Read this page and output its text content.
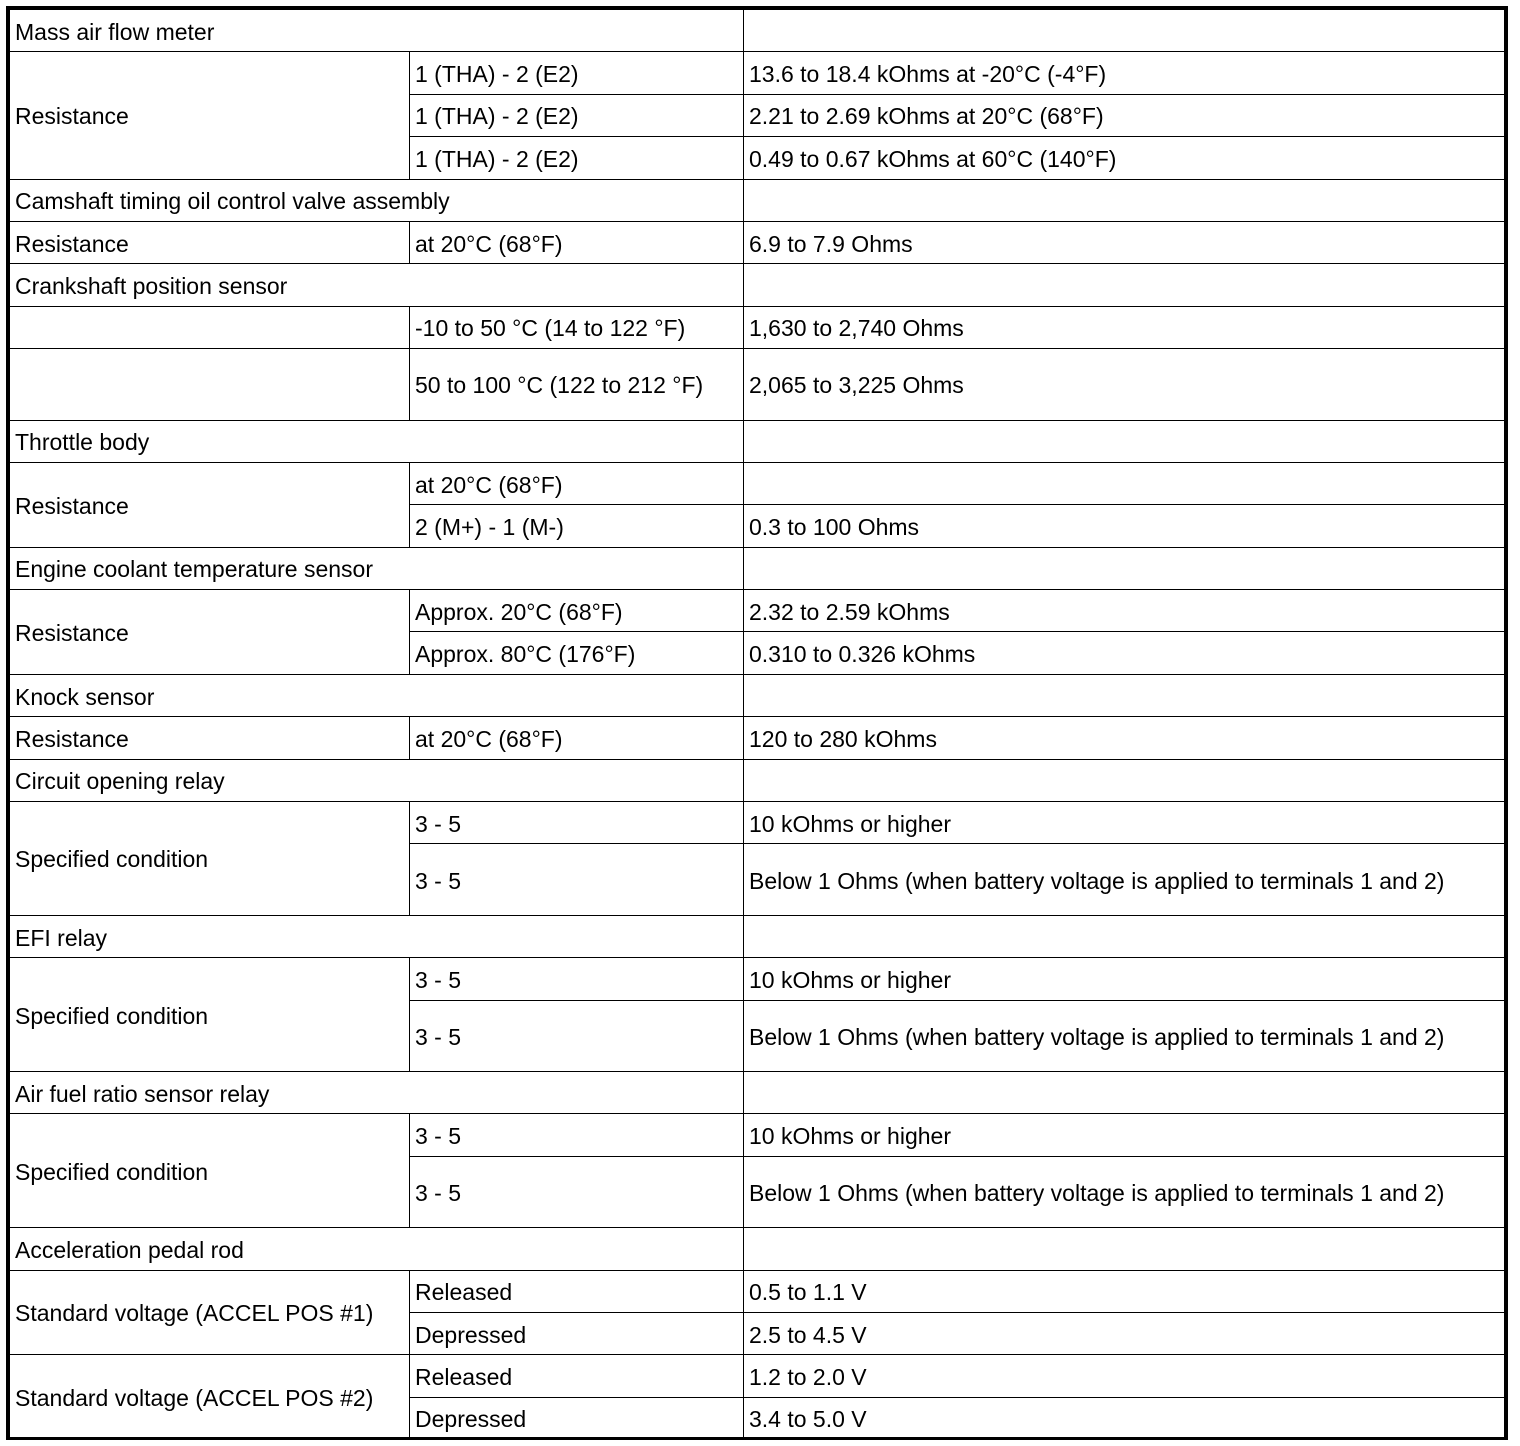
Mass air flow meter		
Resistance	1 (THA) - 2 (E2)	13.6 to 18.4 kOhms at -20°C (-4°F)
	1 (THA) - 2 (E2)	2.21 to 2.69 kOhms at 20°C (68°F)
	1 (THA) - 2 (E2)	0.49 to 0.67 kOhms at 60°C (140°F)
Camshaft timing oil control valve assembly		
Resistance	at 20°C (68°F)	6.9 to 7.9 Ohms
Crankshaft position sensor		
	-10 to 50 °C (14 to 122 °F)	1,630 to 2,740 Ohms
	50 to 100 °C (122 to 212 °F)	2,065 to 3,225 Ohms
Throttle body		
Resistance	at 20°C (68°F)	
	2 (M+) - 1 (M-)	0.3 to 100 Ohms
Engine coolant temperature sensor		
Resistance	Approx. 20°C (68°F)	2.32 to 2.59 kOhms
	Approx. 80°C (176°F)	0.310 to 0.326 kOhms
Knock sensor		
Resistance	at 20°C (68°F)	120 to 280 kOhms
Circuit opening relay		
Specified condition	3 - 5	10 kOhms or higher
	3 - 5	Below 1 Ohms (when battery voltage is applied to terminals 1 and 2)
EFI relay		
Specified condition	3 - 5	10 kOhms or higher
	3 - 5	Below 1 Ohms (when battery voltage is applied to terminals 1 and 2)
Air fuel ratio sensor relay		
Specified condition	3 - 5	10 kOhms or higher
	3 - 5	Below 1 Ohms (when battery voltage is applied to terminals 1 and 2)
Acceleration pedal rod		
Standard voltage (ACCEL POS #1)	Released	0.5 to 1.1 V
	Depressed	2.5 to 4.5 V
Standard voltage (ACCEL POS #2)	Released	1.2 to 2.0 V
	Depressed	3.4 to 5.0 V
